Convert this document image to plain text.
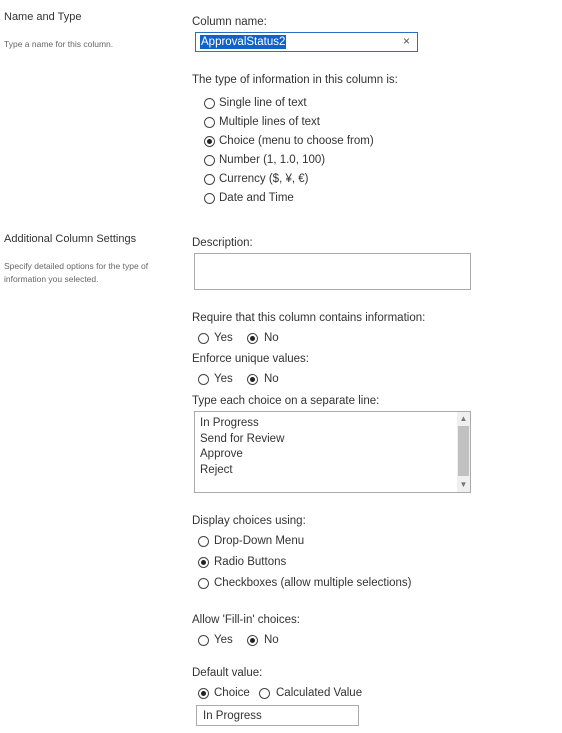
Name and Type
Type a name for this column.
Additional Column Settings
Specify detailed options for the type of
information you selected.
Column name:
ApprovalStatus2	×
The type of information in this column is:
Single line of text
Multiple lines of text
Choice (menu to choose from)
Number (1, 1.0, 100)
Currency ($, ¥, €)
Date and Time
Description:
Require that this column contains information:
Yes	No
Enforce unique values:
Yes	No
Type each choice on a separate line:
In Progress
Send for Review
Approve
Reject
▲
▼
Display choices using:
Drop-Down Menu
Radio Buttons
Checkboxes (allow multiple selections)
Allow 'Fill-in' choices:
Yes	No
Default value:
Choice Calculated Value
In Progress
